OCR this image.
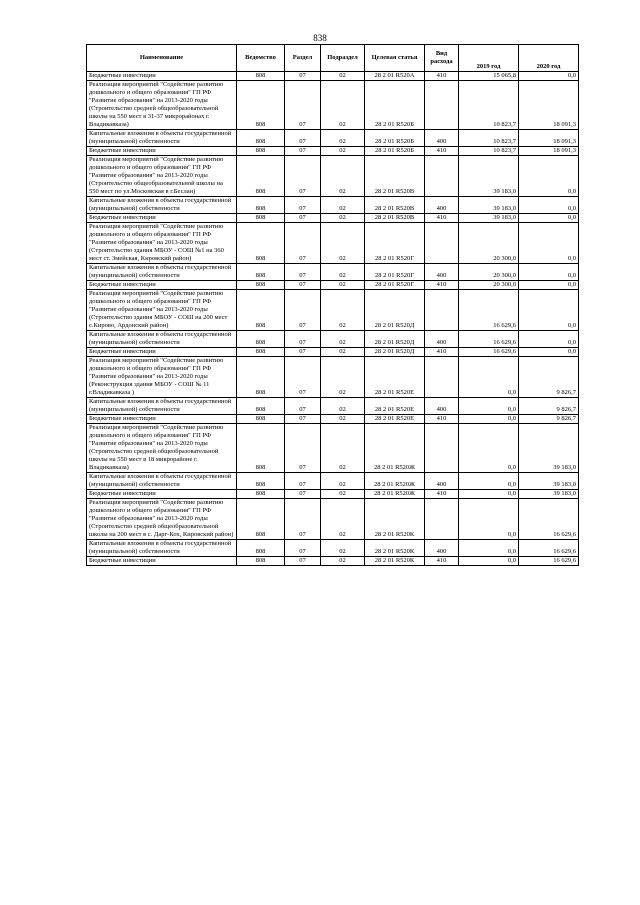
838
Наименование	Ведомство	Раздел	Подраздел	Целевая статья	Вид расхода	2019 год	2020 год
Бюджетные инвестиции	808	07	02	28 2 01 R520А	410	15 065,8	0,0
Реализация мероприятий "Содействие развитию дошкольного и общего образования" ГП РФ "Развитие образования" на 2013-2020 годы (Строительство средней общеобразовательной школы на 550 мест в 31-37 микрорайонах г. Владикавказа)	808	07	02	28 2 01 R520Б		10 823,7	18 091,3
Капитальные вложения в объекты государственной (муниципальной) собственности	808	07	02	28 2 01 R520Б	400	10 823,7	18 091,3
Бюджетные инвестиции	808	07	02	28 2 01 R520Б	410	10 823,7	18 091,3
Реализация мероприятий "Содействие развитию дошкольного и общего образования" ГП РФ "Развитие образования" на 2013-2020 годы (Строительство общеобразовательной школы на 550 мест по ул.Московская в г.Беслан)	808	07	02	28 2 01 R520В		39 183,0	0,0
Капитальные вложения в объекты государственной (муниципальной) собственности	808	07	02	28 2 01 R520В	400	39 183,0	0,0
Бюджетные инвестиции	808	07	02	28 2 01 R520В	410	39 183,0	0,0
Реализация мероприятий "Содействие развитию дошкольного и общего образования" ГП РФ "Развитие образования" на 2013-2020 годы (Строительство здания МБОУ - СОШ №1 на 360 мест ст. Змейская, Кировский район)	808	07	02	28 2 01 R520Г		20 300,0	0,0
Капитальные вложения в объекты государственной (муниципальной) собственности	808	07	02	28 2 01 R520Г	400	20 300,0	0,0
Бюджетные инвестиции	808	07	02	28 2 01 R520Г	410	20 300,0	0,0
Реализация мероприятий "Содействие развитию дошкольного и общего образования" ГП РФ "Развитие образования" на 2013-2020 годы (Строительство здания МБОУ - СОШ на 200 мест с.Кирово, Ардонский район)	808	07	02	28 2 01 R520Д		16 629,6	0,0
Капитальные вложения в объекты государственной (муниципальной) собственности	808	07	02	28 2 01 R520Д	400	16 629,6	0,0
Бюджетные инвестиции	808	07	02	28 2 01 R520Д	410	16 629,6	0,0
Реализация мероприятий "Содействие развитию дошкольного и общего образования" ГП РФ "Развитие образования" на 2013-2020 годы (Реконструкция здания МБОУ - СОШ № 11 г.Владикавказа )	808	07	02	28 2 01 R520Е		0,0	9 826,7
Капитальные вложения в объекты государственной (муниципальной) собственности	808	07	02	28 2 01 R520Е	400	0,0	9 826,7
Бюджетные инвестиции	808	07	02	28 2 01 R520Е	410	0,0	9 826,7
Реализация мероприятий "Содействие развитию дошкольного и общего образования" ГП РФ "Развитие образования" на 2013-2020 годы (Строительство средней общеобразовательной школы на 550 мест в 18 микрорайоне г. Владикавказа)	808	07	02	28 2 01 R520Ж		0,0	39 183,0
Капитальные вложения в объекты государственной (муниципальной) собственности	808	07	02	28 2 01 R520Ж	400	0,0	39 183,0
Бюджетные инвестиции	808	07	02	28 2 01 R520Ж	410	0,0	39 183,0
Реализация мероприятий "Содействие развитию дошкольного и общего образования" ГП РФ "Развитие образования" на 2013-2020 годы (Строительство средней общеобразовательной школы на 200 мест в с. Дарг-Кох, Кировский район)	808	07	02	28 2 01 R520К		0,0	16 629,6
Капитальные вложения в объекты государственной (муниципальной) собственности	808	07	02	28 2 01 R520К	400	0,0	16 629,6
Бюджетные инвестиции	808	07	02	28 2 01 R520К	410	0,0	16 629,6
